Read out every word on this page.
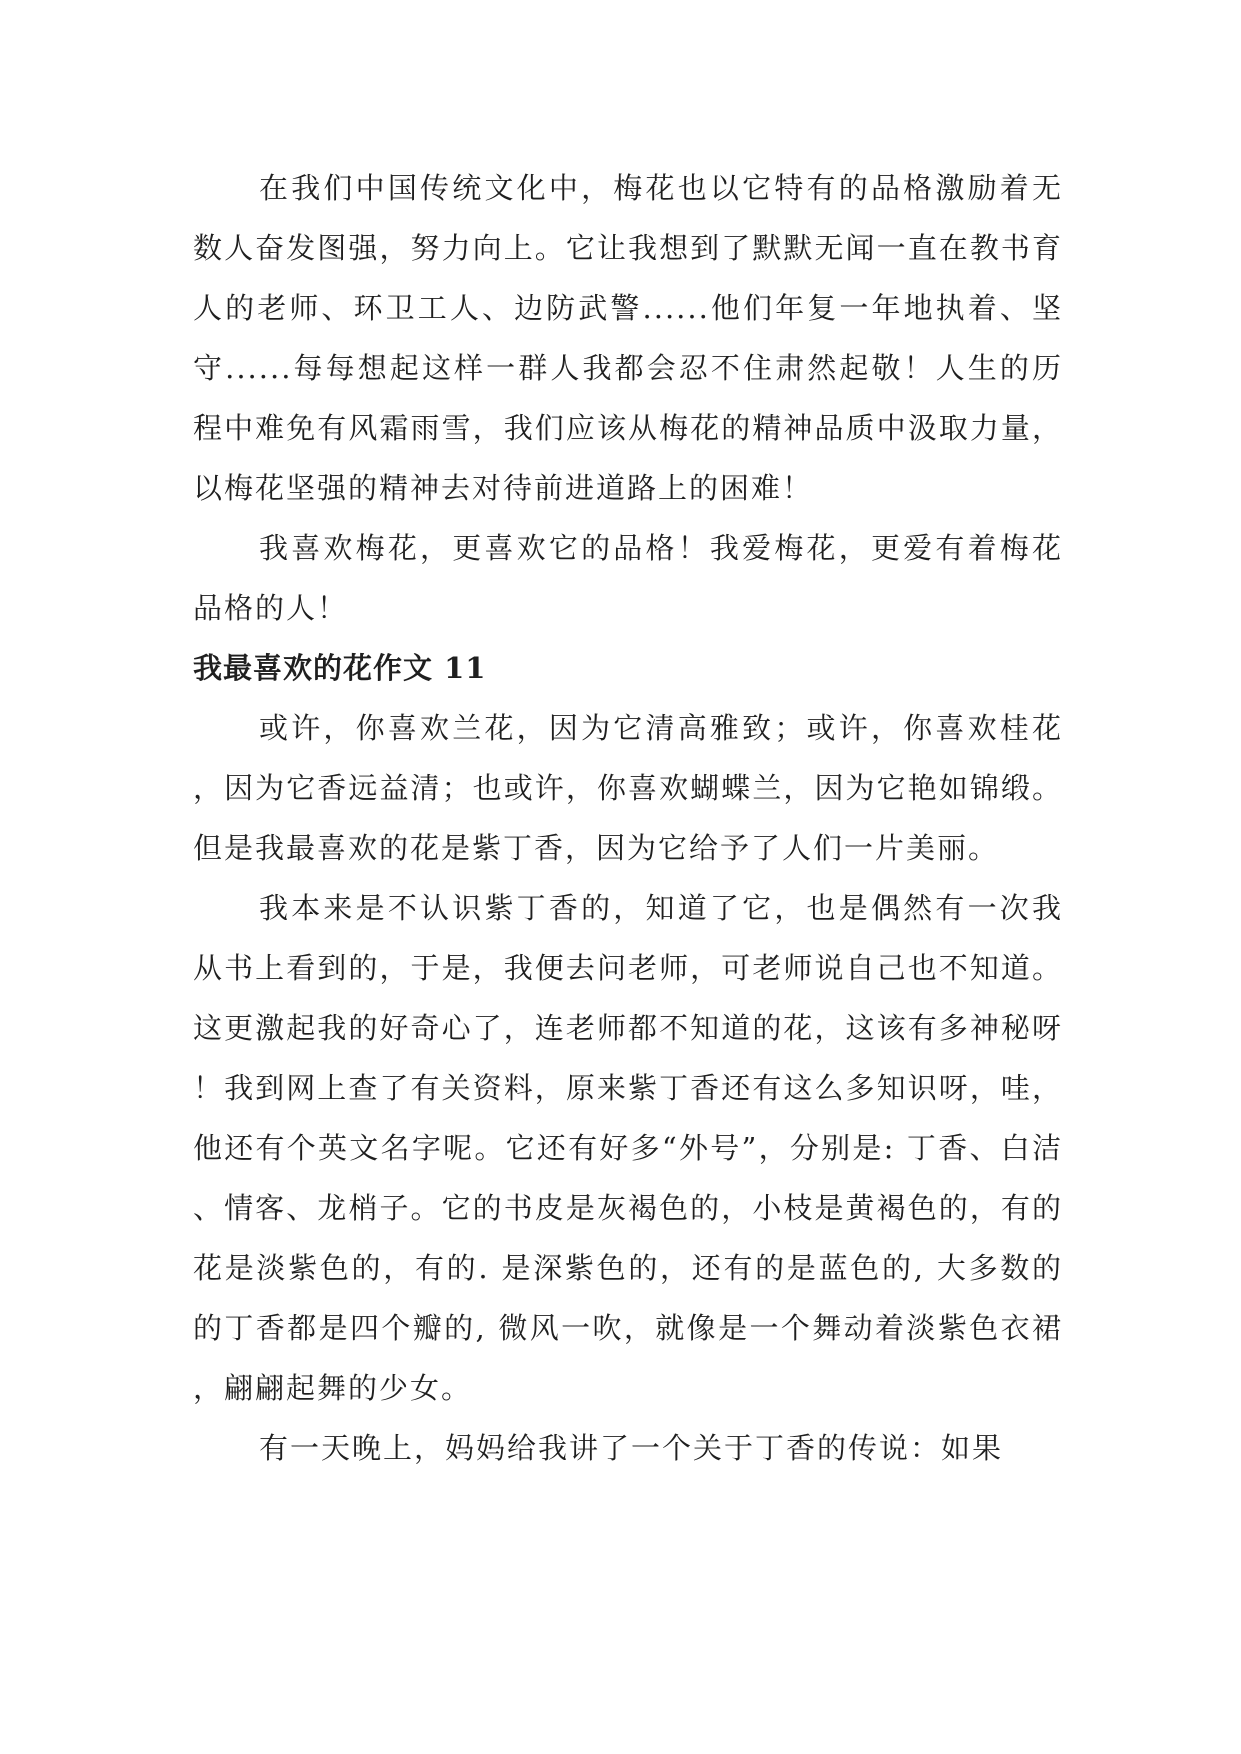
在我们中国传统文化中，梅花也以它特有的品格激励着无数人奋发图强，努力向上。它让我想到了默默无闻一直在教书育人的老师、环卫工人、边防武警......他们年复一年地执着、坚守......每每想起这样一群人我都会忍不住肃然起敬！人生的历程中难免有风霜雨雪，我们应该从梅花的精神品质中汲取力量，以梅花坚强的精神去对待前进道路上的困难！

我喜欢梅花，更喜欢它的品格！我爱梅花，更爱有着梅花品格的人！

我最喜欢的花作文 11

或许，你喜欢兰花，因为它清高雅致；或许，你喜欢桂花，因为它香远益清；也或许，你喜欢蝴蝶兰，因为它艳如锦缎。但是我最喜欢的花是紫丁香，因为它给予了人们一片美丽。

我本来是不认识紫丁香的，知道了它，也是偶然有一次我从书上看到的，于是，我便去问老师，可老师说自己也不知道。这更激起我的好奇心了，连老师都不知道的花，这该有多神秘呀！我到网上查了有关资料，原来紫丁香还有这么多知识呀，哇，他还有个英文名字呢。它还有好多“外号”，分别是: 丁香、白洁、情客、龙梢子。它的书皮是灰褐色的，小枝是黄褐色的，有的花是淡紫色的，有的. 是深紫色的，还有的是蓝色的, 大多数的的丁香都是四个瓣的, 微风一吹，就像是一个舞动着淡紫色衣裙，翩翩起舞的少女。

有一天晚上，妈妈给我讲了一个关于丁香的传说：如果
